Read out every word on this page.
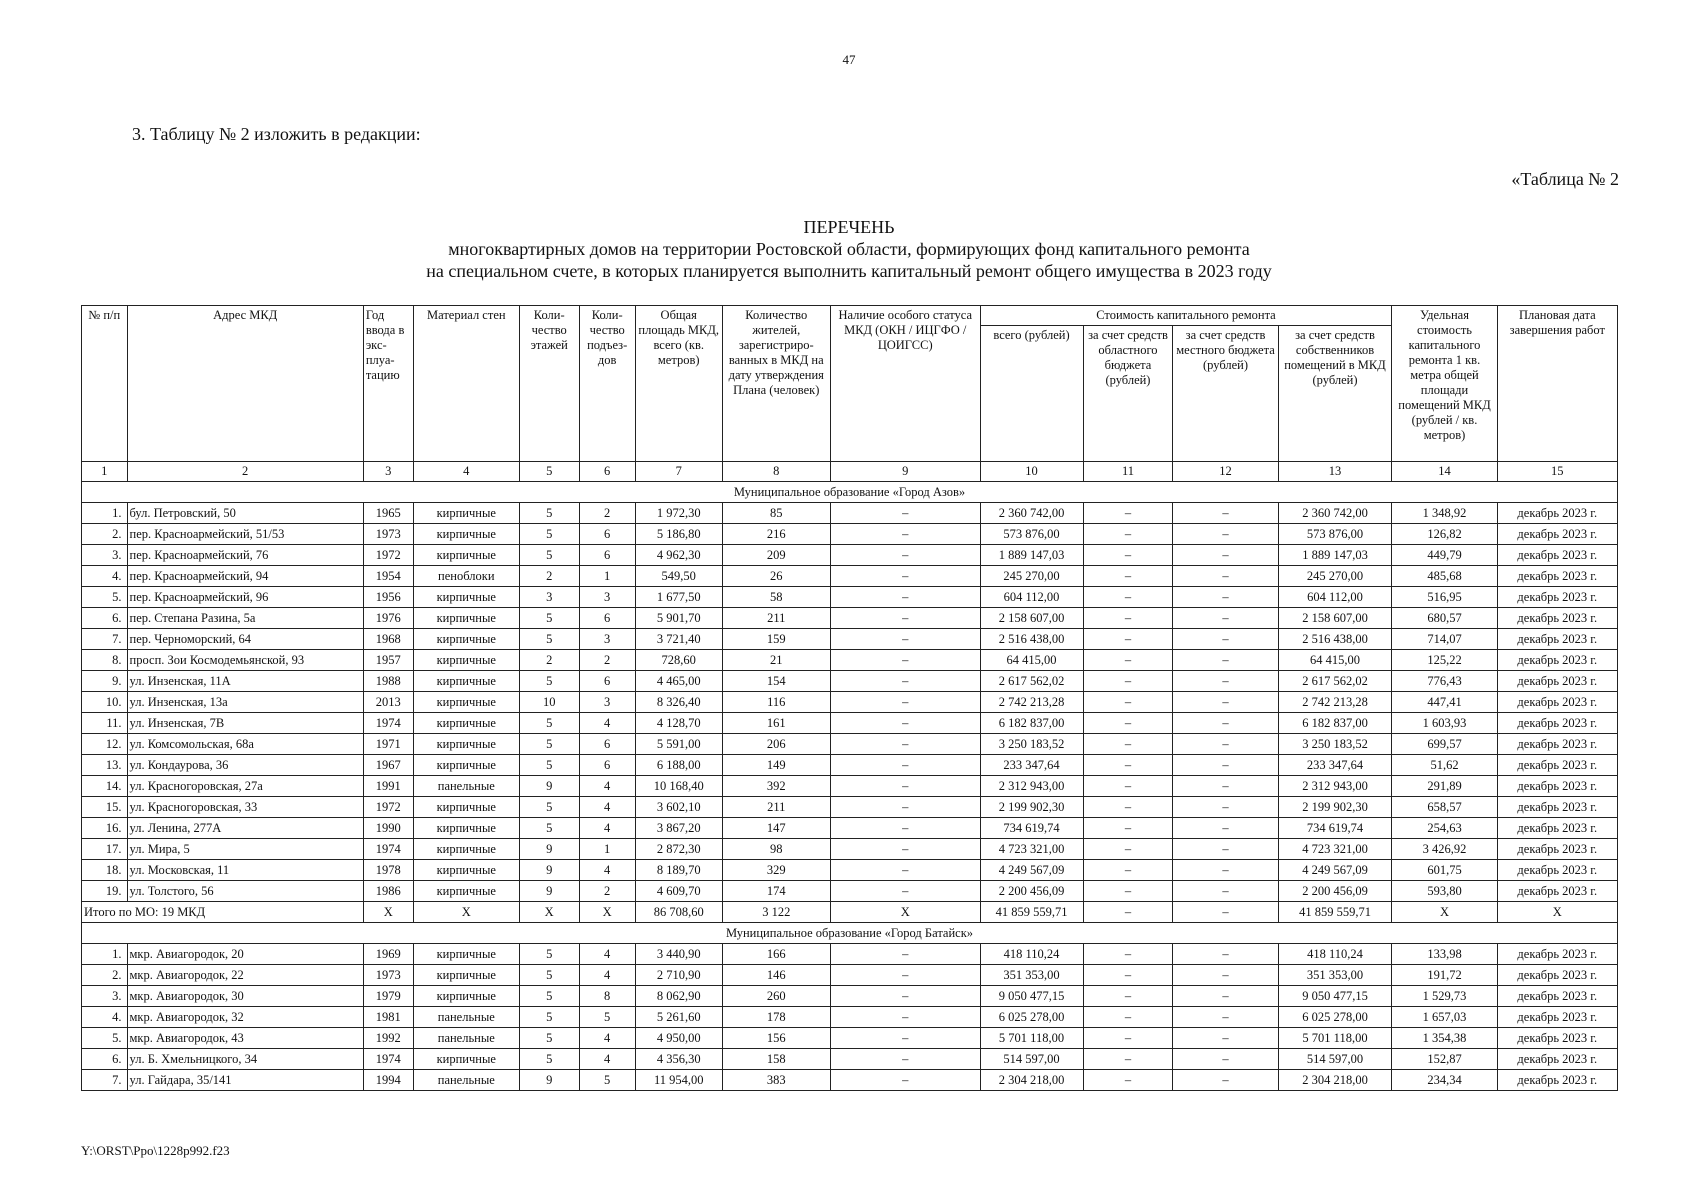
47
3. Таблицу № 2 изложить в редакции:
«Таблица № 2
ПЕРЕЧЕНЬ
многоквартирных домов на территории Ростовской области, формирующих фонд капитального ремонта
на специальном счете, в которых планируется выполнить капитальный ремонт общего имущества в 2023 году
№ п/п	Адрес МКД	Год ввода в экс-плуа-тацию	Материал стен	Коли-чество этажей	Коли-чество подъез-дов	Общая площадь МКД, всего (кв. метров)	Количество жителей, зарегистриро-ванных в МКД на дату утверждения Плана (человек)	Наличие особого статуса МКД (ОКН / ИЦГФО / ЦОИГСС)	Стоимость капитального ремонта				Удельная стоимость капитального ремонта 1 кв. метра общей площади помещений МКД (рублей / кв. метров)	Плановая дата завершения работ
									всего (рублей)	за счет средств областного бюджета (рублей)	за счет средств местного бюджета (рублей)	за счет средств собственников помещений в МКД (рублей)		
1	2	3	4	5	6	7	8	9	10	11	12	13	14	15
Муниципальное образование «Город Азов»														
1.	бул. Петровский, 50	1965	кирпичные	5	2	1 972,30	85	–	2 360 742,00	–	–	2 360 742,00	1 348,92	декабрь 2023 г.
2.	пер. Красноармейский, 51/53	1973	кирпичные	5	6	5 186,80	216	–	573 876,00	–	–	573 876,00	126,82	декабрь 2023 г.
3.	пер. Красноармейский, 76	1972	кирпичные	5	6	4 962,30	209	–	1 889 147,03	–	–	1 889 147,03	449,79	декабрь 2023 г.
4.	пер. Красноармейский, 94	1954	пеноблоки	2	1	549,50	26	–	245 270,00	–	–	245 270,00	485,68	декабрь 2023 г.
5.	пер. Красноармейский, 96	1956	кирпичные	3	3	1 677,50	58	–	604 112,00	–	–	604 112,00	516,95	декабрь 2023 г.
6.	пер. Степана Разина, 5а	1976	кирпичные	5	6	5 901,70	211	–	2 158 607,00	–	–	2 158 607,00	680,57	декабрь 2023 г.
7.	пер. Черноморский, 64	1968	кирпичные	5	3	3 721,40	159	–	2 516 438,00	–	–	2 516 438,00	714,07	декабрь 2023 г.
8.	просп. Зои Космодемьянской, 93	1957	кирпичные	2	2	728,60	21	–	64 415,00	–	–	64 415,00	125,22	декабрь 2023 г.
9.	ул. Инзенская, 11А	1988	кирпичные	5	6	4 465,00	154	–	2 617 562,02	–	–	2 617 562,02	776,43	декабрь 2023 г.
10.	ул. Инзенская, 13а	2013	кирпичные	10	3	8 326,40	116	–	2 742 213,28	–	–	2 742 213,28	447,41	декабрь 2023 г.
11.	ул. Инзенская, 7В	1974	кирпичные	5	4	4 128,70	161	–	6 182 837,00	–	–	6 182 837,00	1 603,93	декабрь 2023 г.
12.	ул. Комсомольская, 68а	1971	кирпичные	5	6	5 591,00	206	–	3 250 183,52	–	–	3 250 183,52	699,57	декабрь 2023 г.
13.	ул. Кондаурова, 36	1967	кирпичные	5	6	6 188,00	149	–	233 347,64	–	–	233 347,64	51,62	декабрь 2023 г.
14.	ул. Красногоровская, 27а	1991	панельные	9	4	10 168,40	392	–	2 312 943,00	–	–	2 312 943,00	291,89	декабрь 2023 г.
15.	ул. Красногоровская, 33	1972	кирпичные	5	4	3 602,10	211	–	2 199 902,30	–	–	2 199 902,30	658,57	декабрь 2023 г.
16.	ул. Ленина, 277А	1990	кирпичные	5	4	3 867,20	147	–	734 619,74	–	–	734 619,74	254,63	декабрь 2023 г.
17.	ул. Мира, 5	1974	кирпичные	9	1	2 872,30	98	–	4 723 321,00	–	–	4 723 321,00	3 426,92	декабрь 2023 г.
18.	ул. Московская, 11	1978	кирпичные	9	4	8 189,70	329	–	4 249 567,09	–	–	4 249 567,09	601,75	декабрь 2023 г.
19.	ул. Толстого, 56	1986	кирпичные	9	2	4 609,70	174	–	2 200 456,09	–	–	2 200 456,09	593,80	декабрь 2023 г.
Итого по МО: 19 МКД		X	X	X	X	86 708,60	3 122	X	41 859 559,71	–	–	41 859 559,71	X	X
Муниципальное образование «Город Батайск»														
1.	мкр. Авиагородок, 20	1969	кирпичные	5	4	3 440,90	166	–	418 110,24	–	–	418 110,24	133,98	декабрь 2023 г.
2.	мкр. Авиагородок, 22	1973	кирпичные	5	4	2 710,90	146	–	351 353,00	–	–	351 353,00	191,72	декабрь 2023 г.
3.	мкр. Авиагородок, 30	1979	кирпичные	5	8	8 062,90	260	–	9 050 477,15	–	–	9 050 477,15	1 529,73	декабрь 2023 г.
4.	мкр. Авиагородок, 32	1981	панельные	5	5	5 261,60	178	–	6 025 278,00	–	–	6 025 278,00	1 657,03	декабрь 2023 г.
5.	мкр. Авиагородок, 43	1992	панельные	5	4	4 950,00	156	–	5 701 118,00	–	–	5 701 118,00	1 354,38	декабрь 2023 г.
6.	ул. Б. Хмельницкого, 34	1974	кирпичные	5	4	4 356,30	158	–	514 597,00	–	–	514 597,00	152,87	декабрь 2023 г.
7.	ул. Гайдара, 35/141	1994	панельные	9	5	11 954,00	383	–	2 304 218,00	–	–	2 304 218,00	234,34	декабрь 2023 г.
Y:\ORST\Ppo\1228p992.f23
